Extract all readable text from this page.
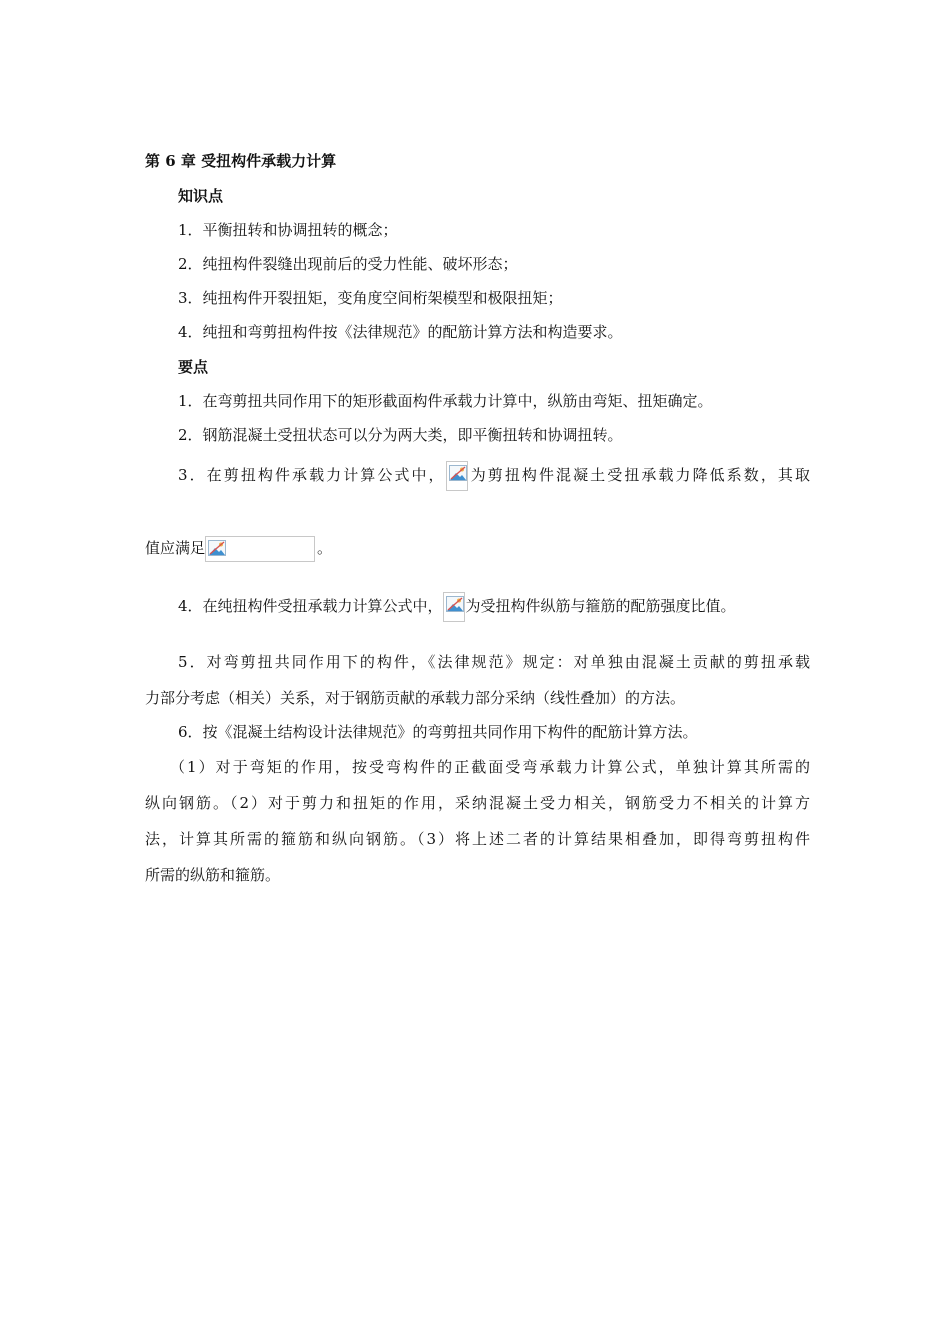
第 6 章 受扭构件承载力计算
知识点
1．平衡扭转和协调扭转的概念；
2．纯扭构件裂缝出现前后的受力性能、破坏形态；
3．纯扭构件开裂扭矩，变角度空间桁架模型和极限扭矩；
4．纯扭和弯剪扭构件按《法律规范》的配筋计算方法和构造要求。
要点
1．在弯剪扭共同作用下的矩形截面构件承载力计算中，纵筋由弯矩、扭矩确定。
2．钢筋混凝土受扭状态可以分为两大类，即平衡扭转和协调扭转。
3．在剪扭构件承载力计算公式中， 为剪扭构件混凝土受扭承载力降低系数，其取
值应满足	。
4．在纯扭构件受扭承载力计算公式中， 为受扭构件纵筋与箍筋的配筋强度比值。
5．对弯剪扭共同作用下的构件，《法律规范》规定：对单独由混凝土贡献的剪扭承载
力部分考虑（相关）关系，对于钢筋贡献的承载力部分采纳（线性叠加）的方法。
6．按《混凝土结构设计法律规范》的弯剪扭共同作用下构件的配筋计算方法。
（1）对于弯矩的作用，按受弯构件的正截面受弯承载力计算公式，单独计算其所需的
纵向钢筋。（2）对于剪力和扭矩的作用，采纳混凝土受力相关，钢筋受力不相关的计算方
法，计算其所需的箍筋和纵向钢筋。（3）将上述二者的计算结果相叠加，即得弯剪扭构件
所需的纵筋和箍筋。
